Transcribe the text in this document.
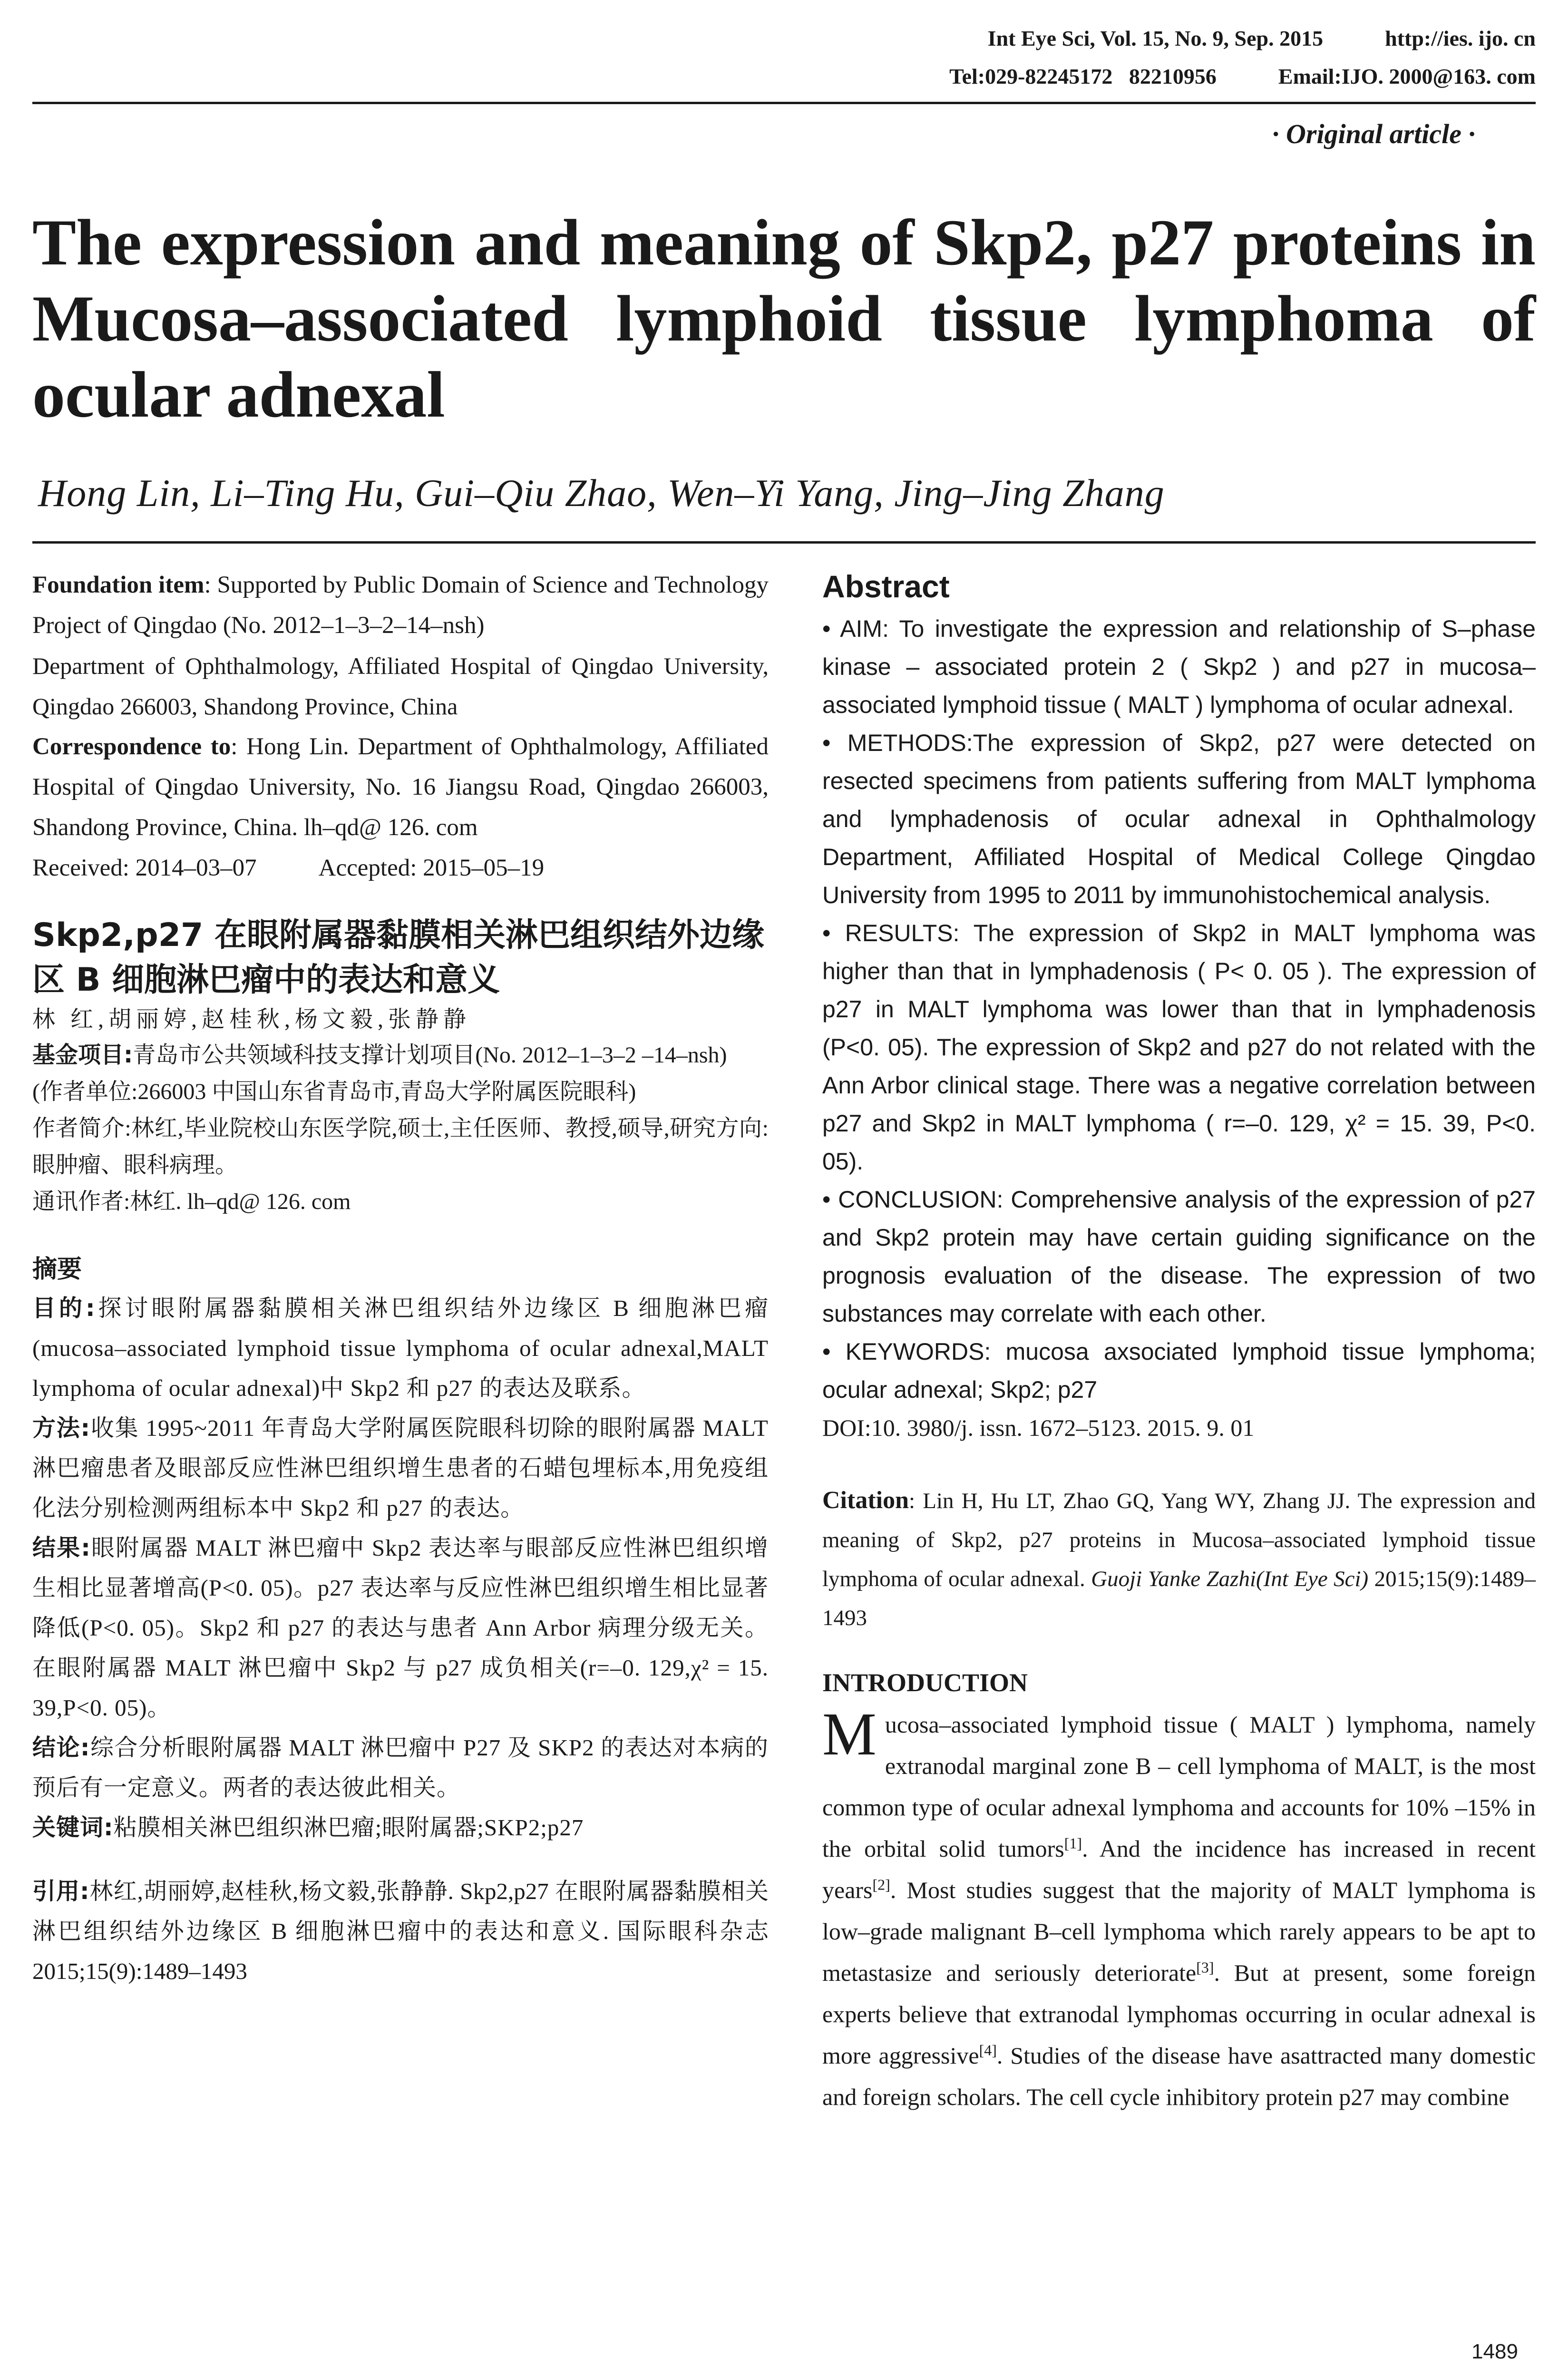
Int Eye Sci, Vol. 15, No. 9, Sep. 2015	http://ies. ijo. cn
Tel:029-82245172   82210956	Email:IJO. 2000@163. com
· Original article ·
The expression and meaning of Skp2, p27 proteins in Mucosa–associated lymphoid tissue lymphoma of ocular adnexal
Hong Lin, Li–Ting Hu, Gui–Qiu Zhao, Wen–Yi Yang, Jing–Jing Zhang

Foundation item: Supported by Public Domain of Science and Technology Project of Qingdao (No. 2012–1–3–2–14–nsh)

Department of Ophthalmology, Affiliated Hospital of Qingdao University, Qingdao 266003, Shandong Province, China

Correspondence to: Hong Lin. Department of Ophthalmology, Affiliated Hospital of Qingdao University, No. 16 Jiangsu Road, Qingdao 266003, Shandong Province, China. lh–qd@ 126. com

Received: 2014–03–07	Accepted: 2015–05–19

Skp2,p27 在眼附属器黏膜相关淋巴组织结外边缘区 B 细胞淋巴瘤中的表达和意义

林 红,胡丽婷,赵桂秋,杨文毅,张静静

基金项目:青岛市公共领域科技支撑计划项目(No. 2012–1–3–2 –14–nsh)

(作者单位:266003 中国山东省青岛市,青岛大学附属医院眼科)

作者简介:林红,毕业院校山东医学院,硕士,主任医师、教授,硕导,研究方向:眼肿瘤、眼科病理。

通讯作者:林红. lh–qd@ 126. com

摘要

目的:探讨眼附属器黏膜相关淋巴组织结外边缘区 B 细胞淋巴瘤(mucosa–associated lymphoid tissue lymphoma of ocular adnexal,MALT lymphoma of ocular adnexal)中 Skp2 和 p27 的表达及联系。

方法:收集 1995~2011 年青岛大学附属医院眼科切除的眼附属器 MALT 淋巴瘤患者及眼部反应性淋巴组织增生患者的石蜡包埋标本,用免疫组化法分别检测两组标本中 Skp2 和 p27 的表达。

结果:眼附属器 MALT 淋巴瘤中 Skp2 表达率与眼部反应性淋巴组织增生相比显著增高(P<0. 05)。p27 表达率与反应性淋巴组织增生相比显著降低(P<0. 05)。Skp2 和 p27 的表达与患者 Ann Arbor 病理分级无关。在眼附属器 MALT 淋巴瘤中 Skp2 与 p27 成负相关(r=–0. 129,χ² = 15. 39,P<0. 05)。

结论:综合分析眼附属器 MALT 淋巴瘤中 P27 及 SKP2 的表达对本病的预后有一定意义。两者的表达彼此相关。

关键词:粘膜相关淋巴组织淋巴瘤;眼附属器;SKP2;p27

引用:林红,胡丽婷,赵桂秋,杨文毅,张静静. Skp2,p27 在眼附属器黏膜相关淋巴组织结外边缘区 B 细胞淋巴瘤中的表达和意义. 国际眼科杂志 2015;15(9):1489–1493

Abstract

• AIM: To investigate the expression and relationship of S–phase kinase – associated protein 2 ( Skp2 ) and p27 in mucosa– associated lymphoid tissue ( MALT ) lymphoma of ocular adnexal.

• METHODS:The expression of Skp2, p27 were detected on resected specimens from patients suffering from MALT lymphoma and lymphadenosis of ocular adnexal in Ophthalmology Department, Affiliated Hospital of Medical College Qingdao University from 1995 to 2011 by immunohistochemical analysis.

• RESULTS: The expression of Skp2 in MALT lymphoma was higher than that in lymphadenosis ( P< 0. 05 ). The expression of p27 in MALT lymphoma was lower than that in lymphadenosis (P<0. 05). The expression of Skp2 and p27 do not related with the Ann Arbor clinical stage. There was a negative correlation between p27 and Skp2 in MALT lymphoma ( r=–0. 129, χ² = 15. 39, P<0. 05).

• CONCLUSION: Comprehensive analysis of the expression of p27 and Skp2 protein may have certain guiding significance on the prognosis evaluation of the disease. The expression of two substances may correlate with each other.

• KEYWORDS: mucosa axsociated lymphoid tissue lymphoma; ocular adnexal; Skp2; p27

DOI:10. 3980/j. issn. 1672–5123. 2015. 9. 01

Citation: Lin H, Hu LT, Zhao GQ, Yang WY, Zhang JJ. The expression and meaning of Skp2, p27 proteins in Mucosa–associated lymphoid tissue lymphoma of ocular adnexal. Guoji Yanke Zazhi(Int Eye Sci) 2015;15(9):1489–1493

INTRODUCTION

Mucosa–associated lymphoid tissue ( MALT ) lymphoma, namely extranodal marginal zone B – cell lymphoma of MALT, is the most common type of ocular adnexal lymphoma and accounts for 10% –15% in the orbital solid tumors[1]. And the incidence has increased in recent years[2]. Most studies suggest that the majority of MALT lymphoma is low–grade malignant B–cell lymphoma which rarely appears to be apt to metastasize and seriously deteriorate[3]. But at present, some foreign experts believe that extranodal lymphomas occurring in ocular adnexal is more aggressive[4]. Studies of the disease have asattracted many domestic and foreign scholars. The cell cycle inhibitory protein p27 may combine

1489
